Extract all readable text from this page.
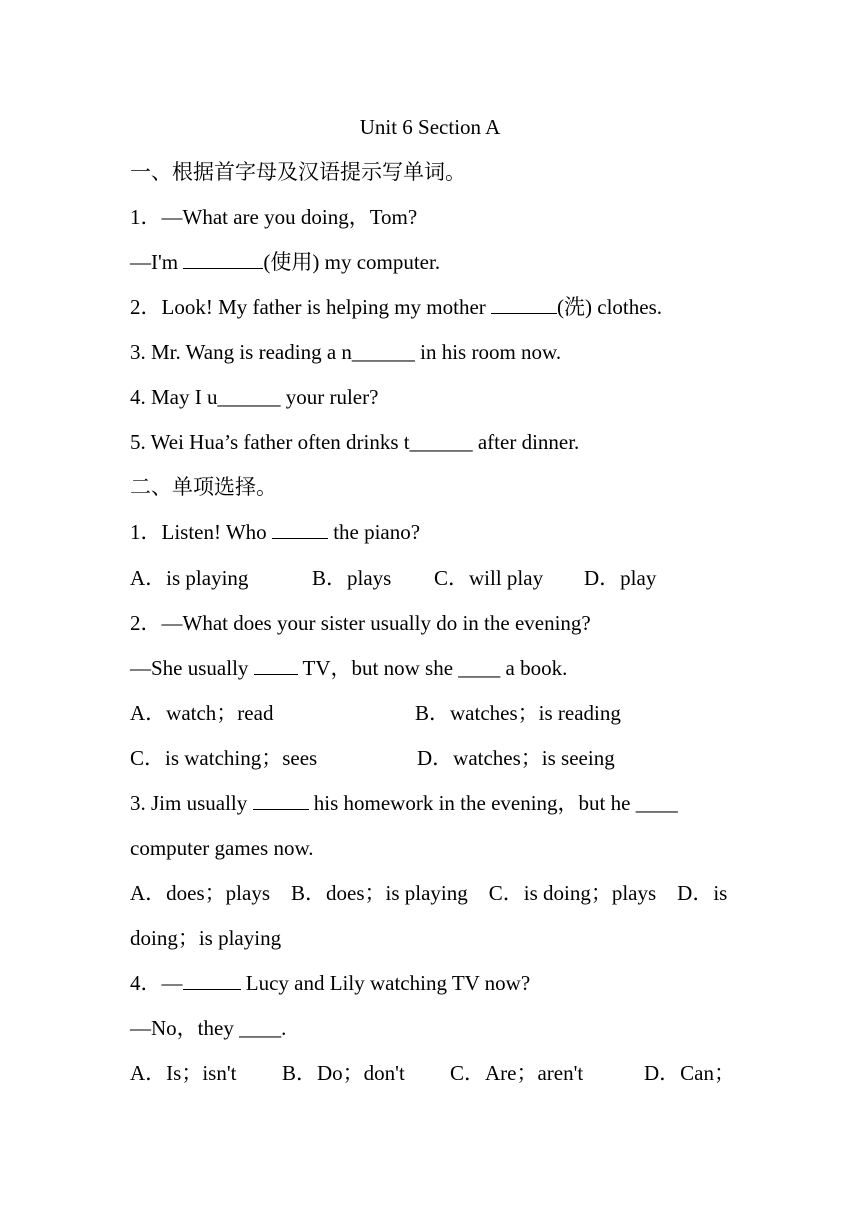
Unit 6 Section A
一、根据首字母及汉语提示写单词。
1．—What are you doing，Tom?
—I'm	(使用) my computer.
2．Look! My father is helping my mother	(洗) clothes.
3. Mr. Wang is reading a n______ in his room now.
4. May I u______ your ruler?
5. Wei Hua’s father often drinks t______ after dinner.
二、单项选择。
1．Listen! Who	the piano?
A．is playing	B．plays C．will play D．play
2．—What does your sister usually do in the evening?
—She usually  TV，but now she ____ a book.
A．watch；read	B．watches；is reading
C．is watching；sees	D．watches；is seeing
3. Jim usually	his homework in the evening，but he ____
computer games now.
A．does；plays    B．does；is playing    C．is doing；plays    D．is
doing；is playing
4．—	Lucy and Lily watching TV now?
—No，they ____.
A．Is；isn't B．Do；don't C．Are；aren't	D．Can；
